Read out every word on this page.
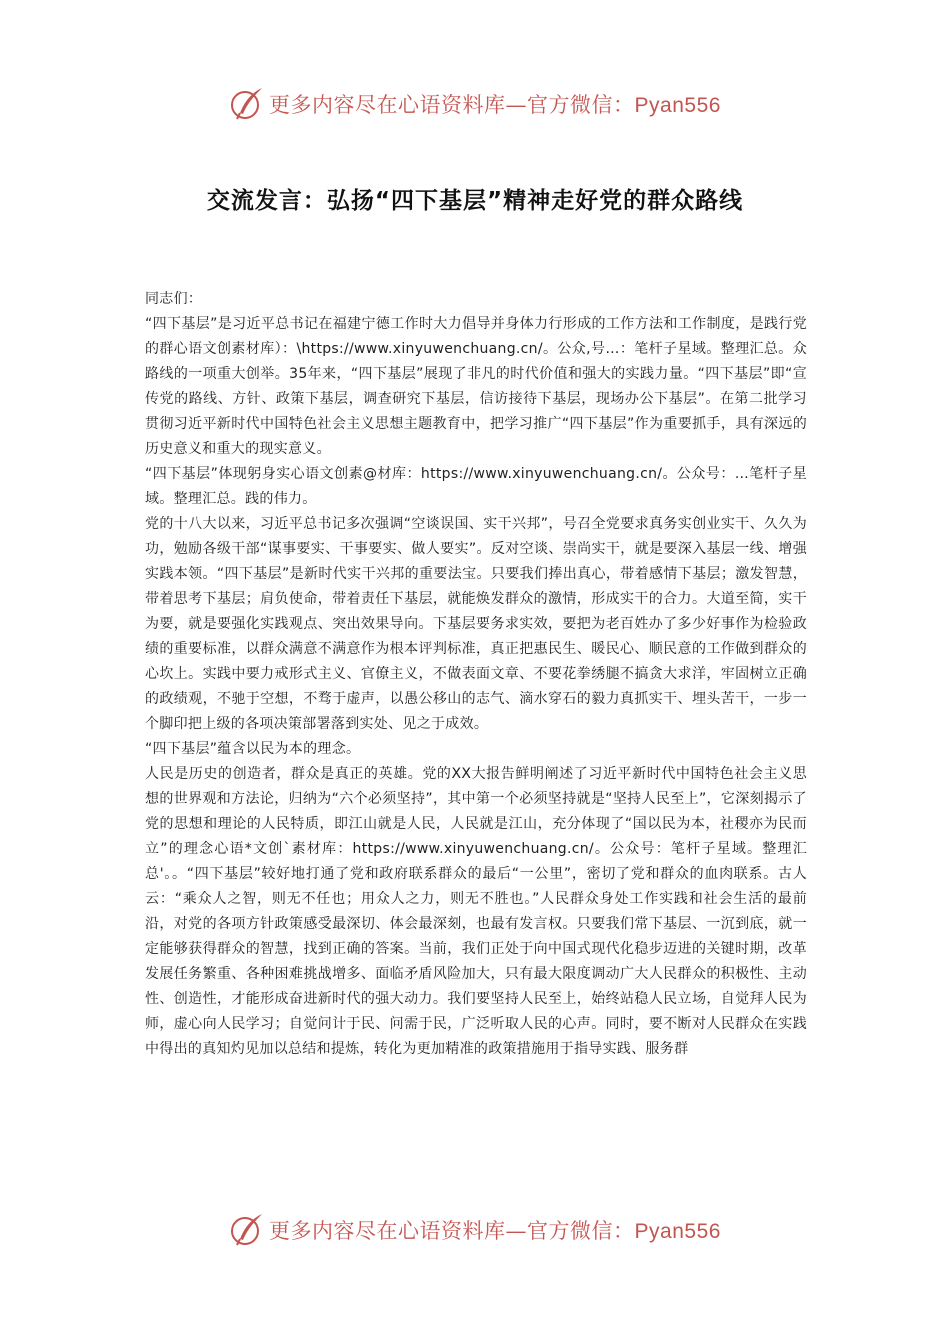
更多内容尽在心语资料库—官方微信：Pyan556
交流发言：弘扬“四下基层”精神走好党的群众路线

同志们：

“四下基层”是习近平总书记在福建宁德工作时大力倡导并身体力行形成的工作方法和工作制度，是践行党的群心语文创素材库）：\https://www.xinyuwenchuang.cn/。公众,号…：笔杆子星域。整理汇总。众路线的一项重大创举。35年来，“四下基层”展现了非凡的时代价值和强大的实践力量。“四下基层”即“宣传党的路线、方针、政策下基层，调查研究下基层，信访接待下基层，现场办公下基层”。在第二批学习贯彻习近平新时代中国特色社会主义思想主题教育中，把学习推广“四下基层”作为重要抓手，具有深远的历史意义和重大的现实意义。

“四下基层”体现躬身实心语文创素@材库：https://www.xinyuwenchuang.cn/。公众号：…笔杆子星域。整理汇总。践的伟力。

党的十八大以来，习近平总书记多次强调“空谈误国、实干兴邦”，号召全党要求真务实创业实干、久久为功，勉励各级干部“谋事要实、干事要实、做人要实”。反对空谈、崇尚实干，就是要深入基层一线、增强实践本领。“四下基层”是新时代实干兴邦的重要法宝。只要我们捧出真心，带着感情下基层；激发智慧，带着思考下基层；肩负使命，带着责任下基层，就能焕发群众的激情，形成实干的合力。大道至简，实干为要，就是要强化实践观点、突出效果导向。下基层要务求实效，要把为老百姓办了多少好事作为检验政绩的重要标准，以群众满意不满意作为根本评判标准，真正把惠民生、暖民心、顺民意的工作做到群众的心坎上。实践中要力戒形式主义、官僚主义，不做表面文章、不要花拳绣腿不搞贪大求洋，牢固树立正确的政绩观，不驰于空想，不骛于虚声，以愚公移山的志气、滴水穿石的毅力真抓实干、埋头苦干，一步一个脚印把上级的各项决策部署落到实处、见之于成效。

“四下基层”蕴含以民为本的理念。

人民是历史的创造者，群众是真正的英雄。党的XX大报告鲜明阐述了习近平新时代中国特色社会主义思想的世界观和方法论，归纳为“六个必须坚持”，其中第一个必须坚持就是“坚持人民至上”，它深刻揭示了党的思想和理论的人民特质，即江山就是人民，人民就是江山，充分体现了“国以民为本，社稷亦为民而立”的理念心语*文创`素材库：https://www.xinyuwenchuang.cn/。公众号：笔杆子星域。整理汇总'。。“四下基层”较好地打通了党和政府联系群众的最后“一公里”，密切了党和群众的血肉联系。古人云：“乘众人之智，则无不任也；用众人之力，则无不胜也。”人民群众身处工作实践和社会生活的最前沿，对党的各项方针政策感受最深切、体会最深刻，也最有发言权。只要我们常下基层、一沉到底，就一定能够获得群众的智慧，找到正确的答案。当前，我们正处于向中国式现代化稳步迈进的关键时期，改革发展任务繁重、各种困难挑战增多、面临矛盾风险加大，只有最大限度调动广大人民群众的积极性、主动性、创造性，才能形成奋进新时代的强大动力。我们要坚持人民至上，始终站稳人民立场，自觉拜人民为师，虚心向人民学习；自觉问计于民、问需于民，广泛听取人民的心声。同时，要不断对人民群众在实践中得出的真知灼见加以总结和提炼，转化为更加精准的政策措施用于指导实践、服务群

更多内容尽在心语资料库—官方微信：Pyan556
